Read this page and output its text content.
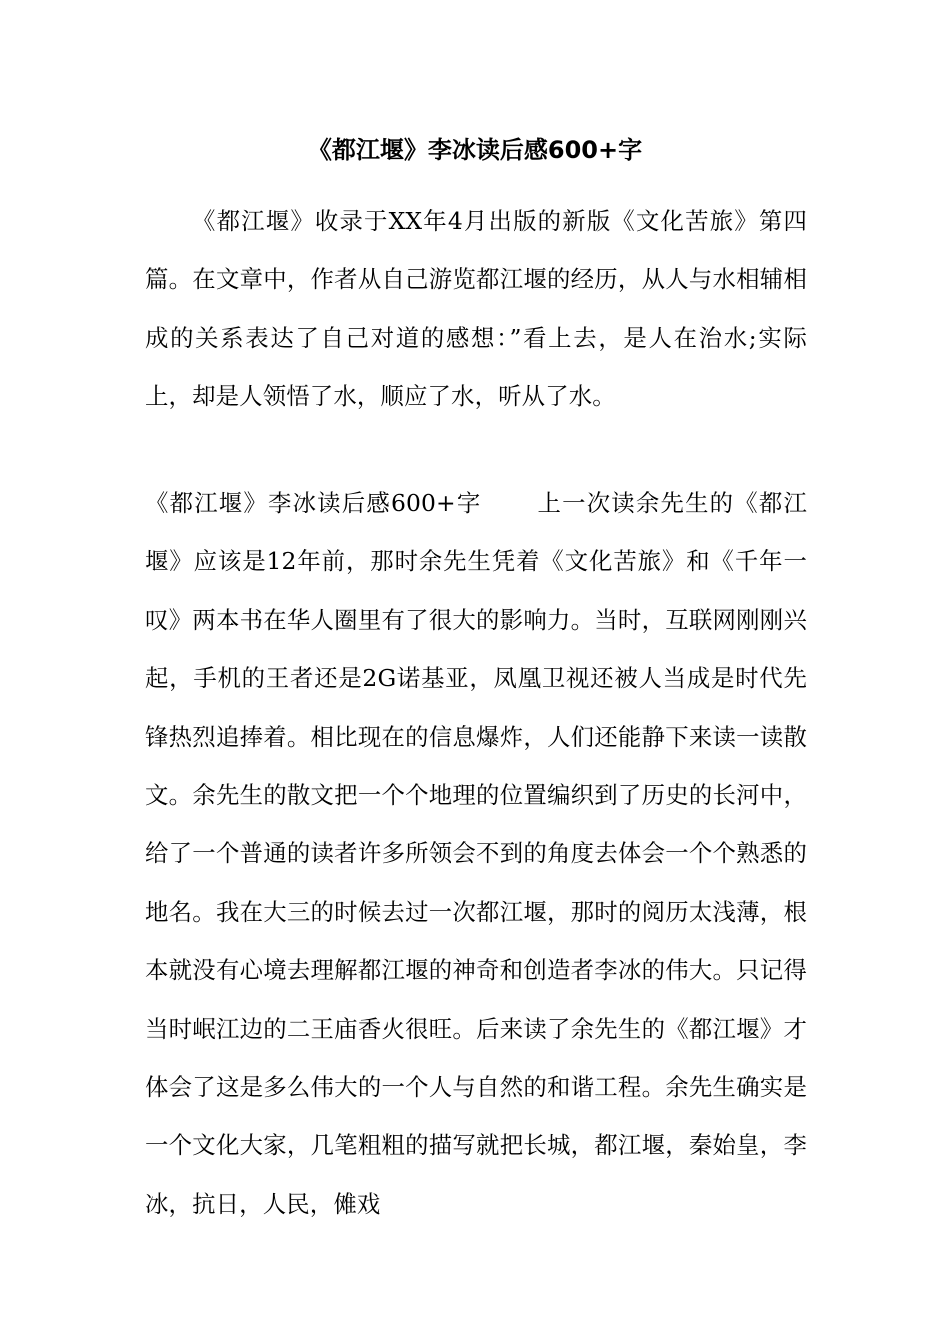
《都江堰》李冰读后感600+字

《都江堰》收录于XX年4月出版的新版《文化苦旅》第四篇。在文章中，作者从自己游览都江堰的经历，从人与水相辅相成的关系表达了自己对道的感想：”看上去，是人在治水;实际上，却是人领悟了水，顺应了水，听从了水。

《都江堰》李冰读后感600+字 上一次读余先生的《都江堰》应该是12年前，那时余先生凭着《文化苦旅》和《千年一叹》两本书在华人圈里有了很大的影响力。当时，互联网刚刚兴起，手机的王者还是2G诺基亚，凤凰卫视还被人当成是时代先锋热烈追捧着。相比现在的信息爆炸，人们还能静下来读一读散文。余先生的散文把一个个地理的位置编织到了历史的长河中，给了一个普通的读者许多所领会不到的角度去体会一个个熟悉的地名。我在大三的时候去过一次都江堰，那时的阅历太浅薄，根本就没有心境去理解都江堰的神奇和创造者李冰的伟大。只记得当时岷江边的二王庙香火很旺。后来读了余先生的《都江堰》才体会了这是多么伟大的一个人与自然的和谐工程。余先生确实是一个文化大家，几笔粗粗的描写就把长城，都江堰，秦始皇，李冰，抗日，人民，傩戏
